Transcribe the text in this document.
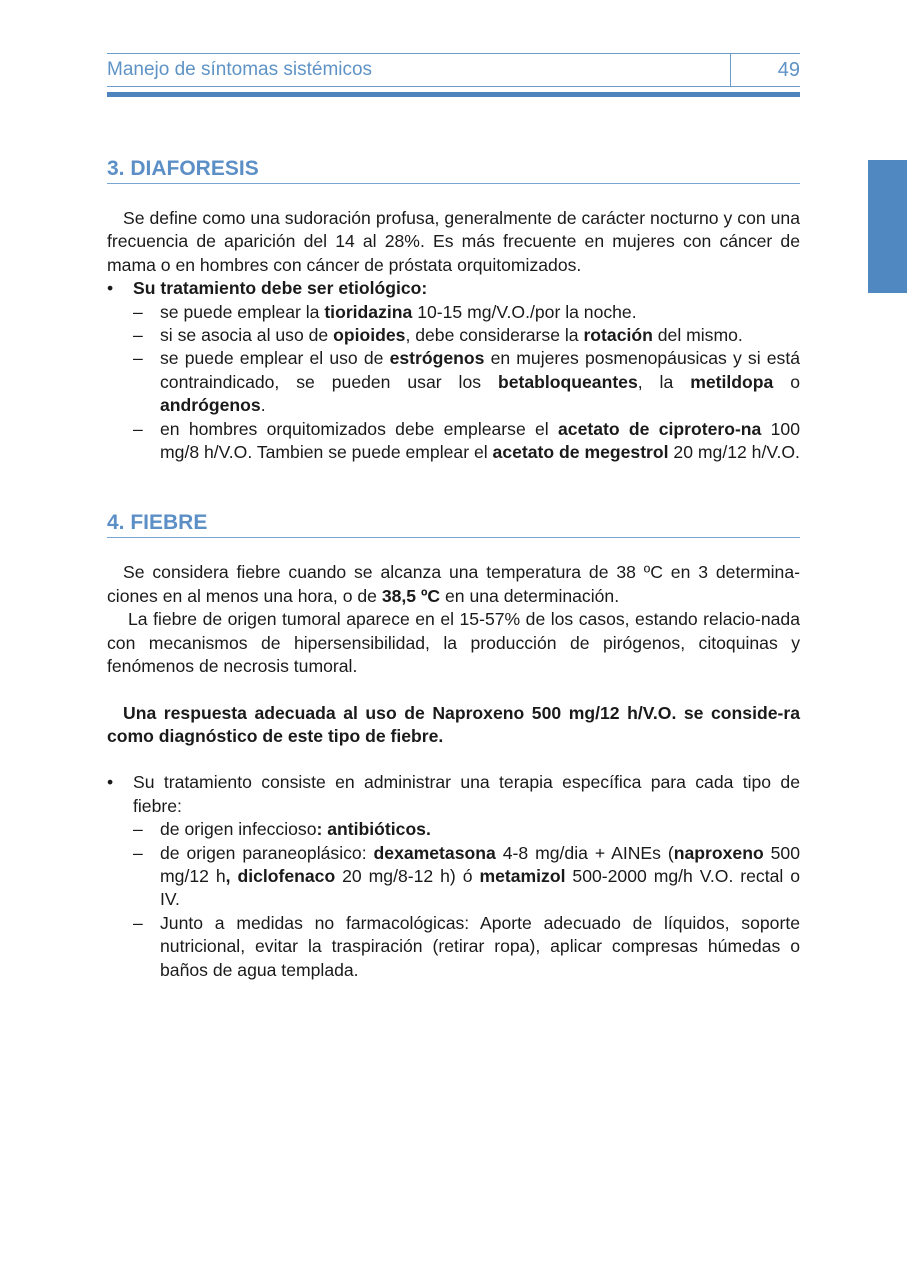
Manejo de síntomas sistémicos	49
3. DIAFORESIS

Se define como una sudoración profusa, generalmente de carácter nocturno y con una frecuencia de aparición del 14 al 28%. Es más frecuente en mujeres con cáncer de mama o en hombres con cáncer de próstata orquitomizados.

• Su tratamiento debe ser etiológico:
– se puede emplear la tioridazina 10-15 mg/V.O./por la noche.
– si se asocia al uso de opioides, debe considerarse la rotación del mismo.
– se puede emplear el uso de estrógenos en mujeres posmenopáusicas y si está contraindicado, se pueden usar los betabloqueantes, la metildopa o andrógenos.
– en hombres orquitomizados debe emplearse el acetato de ciprotero-na 100 mg/8 h/V.O. Tambien se puede emplear el acetato de megestrol 20 mg/12 h/V.O.
4. FIEBRE

Se considera fiebre cuando se alcanza una temperatura de 38 ºC en 3 determina-ciones en al menos una hora, o de 38,5 ºC en una determinación.

La fiebre de origen tumoral aparece en el 15-57% de los casos, estando relacio-nada con mecanismos de hipersensibilidad, la producción de pirógenos, citoquinas y fenómenos de necrosis tumoral.

Una respuesta adecuada al uso de Naproxeno 500 mg/12 h/V.O. se conside-ra como diagnóstico de este tipo de fiebre.

• Su tratamiento consiste en administrar una terapia específica para cada tipo de fiebre:
– de origen infeccioso: antibióticos.
– de origen paraneoplásico: dexametasona 4-8 mg/dia + AINEs (naproxeno 500 mg/12 h, diclofenaco 20 mg/8-12 h) ó metamizol 500-2000 mg/h V.O. rectal o IV.
– Junto a medidas no farmacológicas: Aporte adecuado de líquidos, soporte nutricional, evitar la traspiración (retirar ropa), aplicar compresas húmedas o baños de agua templada.
